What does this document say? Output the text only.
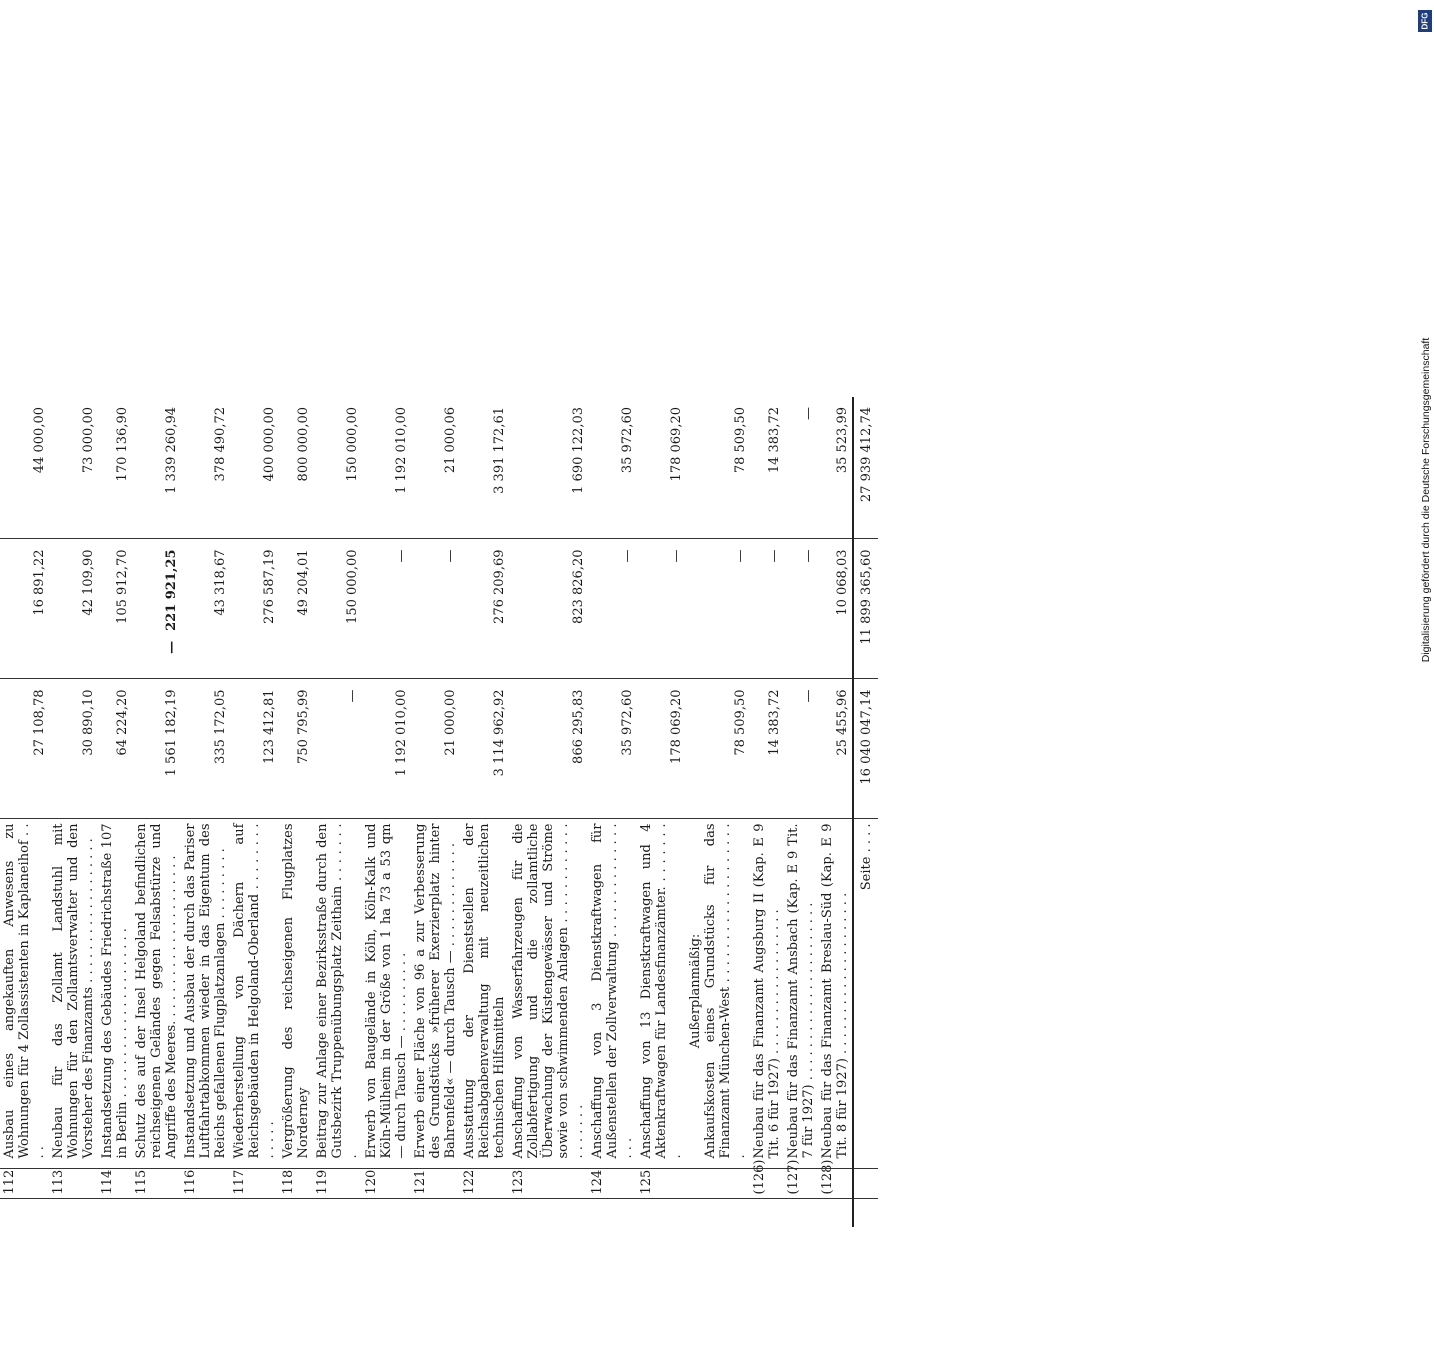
	112	Ausbau eines angekauften Anwesens zu Wohnungen für 4 Zollassistenten in Kaplaneihof . . . .	27 108,78	16 891,22	44 000,00
	113	Neubau für das Zollamt Landstuhl mit Wohnungen für den Zollamtsverwalter und den Vorsteher des Finanzamts . . . . . . . . . . . . . . . . . .	30 890,10	42 109,90	73 000,00
	114	Instandsetzung des Gebäudes Friedrichstraße 107 in Berlin . . . . . . . . . . . . . . . . . . . . .	64 224,20	105 912,70	170 136,90
	115	Schutz des auf der Insel Helgoland befindlichen reichseigenen Geländes gegen Felsabstürze und Angriffe des Meeres. . . . . . . . . . . . . . . . . . . . .	1 561 182,19	—221 921,25	1 339 260,94
	116	Instandsetzung und Ausbau der durch das Pariser Luftfahrtabkommen wieder in das Eigentum des Reichs gefallenen Flugplatzanlagen . . . . . . . . .	335 172,05	43 318,67	378 490,72
	117	Wiederherstellung von Dächern auf Reichsgebäuden in Helgoland-Oberland . . . . . . . . . . . . .	123 412,81	276 587,19	400 000,00
	118	Vergrößerung des reichseigenen Flugplatzes Norderney	750 795,99	49 204,01	800 000,00
	119	Beitrag zur Anlage einer Bezirksstraße durch den Gutsbezirk Truppenübungsplatz Zeithain . . . . . . . .	—	150 000,00	150 000,00
	120	Erwerb von Baugelände in Köln, Köln-Kalk und Köln-Mülheim in der Größe von 1 ha 73 a 53 qm — durch Tausch — . . . . . . . . . .	1 192 010,00	—	1 192 010,00
	121	Erwerb einer Fläche von 96 a zur Verbesserung des Grundstücks »früherer Exerzierplatz hinter Bahrenfeld« — durch Tausch — . . . . . . . . . . . . .	21 000,00	—	21 000,06
	122	Ausstattung der Dienststellen der Reichsabgabenverwaltung mit neuzeitlichen technischen Hilfsmitteln	3 114 962,92	276 209,69	3 391 172,61
	123	Anschaffung von Wasserfahrzeugen für die Zollabfertigung und die zollamtliche Überwachung der Küstengewässer und Ströme sowie von schwimmenden Anlagen . . . . . . . . . . . . . . . . . . .	866 295,83	823 826,20	1 690 122,03
	124	Anschaffung von 3 Dienstkraftwagen für Außenstellen der Zollverwaltung . . . . . . . . . . . . . . . . .	35 972,60	—	35 972,60
	125	Anschaffung von 13 Dienstkraftwagen und 4 Aktenkraftwagen für Landesfinanzämter. . . . . . . . .	178 069,20	—	178 069,20

		Außerplanmäßig: Ankaufskosten eines Grundstücks für das Finanzamt München-West . . . . . . . . . . . . . . . . . . . .	78 509,50	—	78 509,50
	(126)	Neubau für das Finanzamt Augsburg II (Kap. E 9 Tit. 6 für 1927) . . . . . . . . . . . . . . . . . .	14 383,72	—	14 383,72
	(127)	Neubau für das Finanzamt Ansbach (Kap. E 9 Tit. 7 für 1927) . . . . . . . . . . . . . . . . . . . . . .	—	—	—
	(128)	Neubau für das Finanzamt Breslau-Süd (Kap. E 9 Tit. 8 für 1927) . . . . . . . . . . . . . . . . . . . .	25 455,96	10 068,03	35 523,99
		Seite . . . .	16 040 047,14	11 899 365,60	27 939 412,74
DFG
Digitalisierung gefördert durch die Deutsche Forschungsgemeinschaft
